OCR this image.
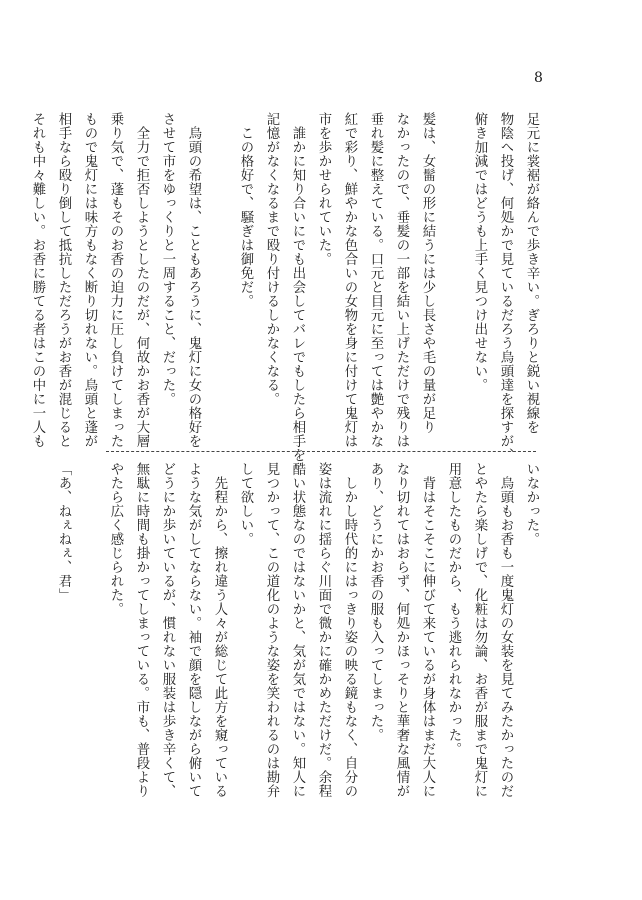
8
足元に裳裾が絡んで歩き辛い。ぎろりと鋭い視線を
物陰へ投げ、何処かで見ているだろう烏頭達を探すが、
俯き加減ではどうも上手く見つけ出せない。
髪は、女髷の形に結うには少し長さや毛の量が足り
なかったので、垂髪の一部を結い上げただけで残りは
垂れ髪に整えている。口元と目元に至っては艶やかな
紅で彩り、鮮やかな色合いの女物を身に付けて鬼灯は
市を歩かせられていた。
　誰かに知り合いにでも出会してバレでもしたら相手を
記憶がなくなるまで殴り付けるしかなくなる。
　この格好で、騒ぎは御免だ。
　烏頭の希望は、こともあろうに、鬼灯に女の格好を
させて市をゆっくりと一周すること、だった。
　全力で拒否しようとしたのだが、何故かお香が大層
乗り気で、蓬もそのお香の迫力に圧し負けてしまった
もので鬼灯には味方もなく断り切れない。烏頭と蓬が
相手なら殴り倒して抵抗しただろうがお香が混じると
それも中々難しい。お香に勝てる者はこの中に一人も
いなかった。
　烏頭もお香も一度鬼灯の女装を見てみたかったのだ
とやたら楽しげで、化粧は勿論、お香が服まで鬼灯に
用意したものだから、もう逃れられなかった。
　背はそこそこに伸びて来ているが身体はまだ大人に
なり切れてはおらず、何処かほっそりと華奢な風情が
あり、どうにかお香の服も入ってしまった。
　しかし時代的にはっきり姿の映る鏡もなく、自分の
姿は流れに揺らぐ川面で微かに確かめただけだ。余程
酷い状態なのではないかと、気が気ではない。知人に
見つかって、この道化のような姿を笑われるのは勘弁
して欲しい。
　先程から、擦れ違う人々が総じて此方を窺っている
ような気がしてならない。袖で顔を隠しながら俯いて
どうにか歩いているが、慣れない服装は歩き辛くて、
無駄に時間も掛かってしまっている。市も、普段より
やたら広く感じられた。
「あ、ねぇねぇ、君」
